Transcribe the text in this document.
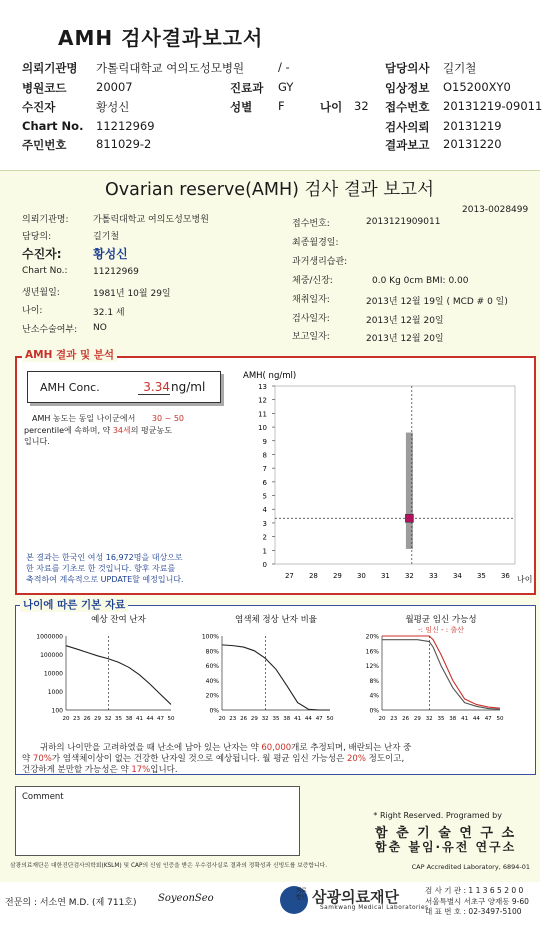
AMH 검사결과보고서
의뢰기관명 가톨릭대학교 여의도성모병원	/ -	담당의사 길기철
병원코드	20007	진료과 GY	임상정보 O15200XY0
수진자	황성신	성별 F	나이 32 접수번호 20131219-09011
Chart No. 11212969	검사의뢰 20131219
주민번호	811029-2	결과보고 20131220
Ovarian reserve(AMH) 검사 결과 보고서
2013-0028499
의뢰기관명:	가톨릭대학교 여의도성모병원
담당의:	길기철
수진자:	황성신
Chart No.:	11212969
생년월일:	1981년 10월 29일
나이:	32.1 세
난소수술여부: NO
접수번호:	2013121909011
최종월경일:
과거생리습관:
체중/신장:	0.0 Kg 0cm BMI: 0.00
채취일자:	2013년 12월 19일 ( MCD # 0 일)
검사일자:	2013년 12월 20일
보고일자:	2013년 12월 20일
AMH 결과 및 분석
AMH Conc.	3.34 ng/ml
AMH 농도는 동일 나이군에서 30 ~ 50
percentile에 속하며, 약 34세의 평균농도
입니다.
본 결과는 한국인 여성 16,972명을 대상으로
한 자료를 기초로 한 것입니다. 향후 자료를
축적하여 계속적으로 UPDATE할 예정입니다.
AMH( ng/ml)
0
1
2
3
4
5
6
7
8
9
10
11
12
13
27 28 29 30 31 32 33 34 35 36 나이
나이에 따른 기본 자료
예상 잔여 난자
1000000
100000
10000
1000
100
20 23 26 29 32 35 38 41 44 47 50
염색체 정상 난자 비율
100%
80%
60%
40%
20%
0%
20 23 26 29 32 35 38 41 44 47 50
월평균 임신 가능성
-: 임신 - : 출산
20%
16%
12%
8%
4%
0%
20 23 26 29 32 35 38 41 44 47 50
귀하의 나이만을 고려하였을 때 난소에 남아 있는 난자는 약 60,000개로 추정되며, 배란되는 난자 중
약 70%가 염색체이상이 없는 건강한 난자일 것으로 예상됩니다. 월 평균 임신 가능성은 20% 정도이고,
건강하게 분만할 가능성은 약 17%입니다.
Comment
* Right Reserved. Programed by
함 춘 기 술 연 구 소
함춘 불임·유전 연구소
삼광의료재단은 대한진단검사의학회(KSLM) 및 CAP의 신임 인증을 받은 우수검사실로 결과의 정확성과 신빙도를 보증합니다.	CAP Accredited Laboratory, 6894-01
전문의 : 서소연 M.D. (제 711호) SoyeonSeo
의료법인 삼광의료재단
Samkwang Medical Laboratories
검 사 기 관 : 1 1 3 6 5 2 0 0
서울특별시 서초구 양재동 9-60
대 표 번 호 : 02-3497-5100
